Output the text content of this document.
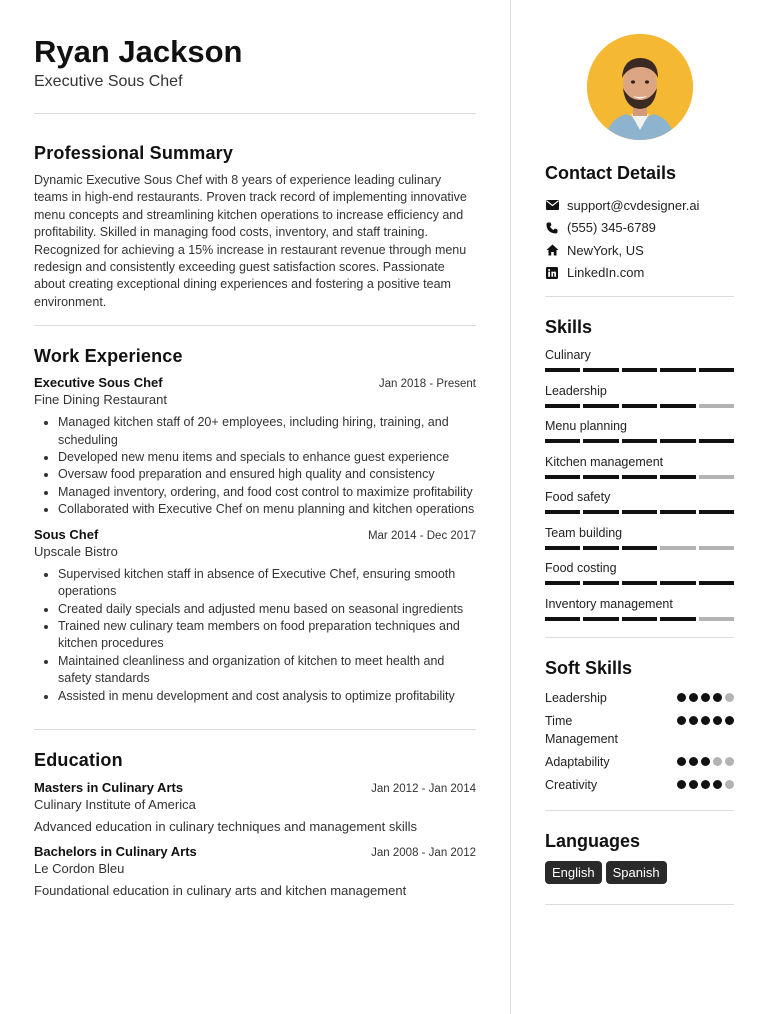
Ryan Jackson
Executive Sous Chef
Professional Summary
Dynamic Executive Sous Chef with 8 years of experience leading culinary teams in high-end restaurants. Proven track record of implementing innovative menu concepts and streamlining kitchen operations to increase efficiency and profitability. Skilled in managing food costs, inventory, and staff training. Recognized for achieving a 15% increase in restaurant revenue through menu redesign and consistently exceeding guest satisfaction scores. Passionate about creating exceptional dining experiences and fostering a positive team environment.
Work Experience
Executive Sous Chef	Jan 2018 - Present
Fine Dining Restaurant
• Managed kitchen staff of 20+ employees, including hiring, training, and scheduling
• Developed new menu items and specials to enhance guest experience
• Oversaw food preparation and ensured high quality and consistency
• Managed inventory, ordering, and food cost control to maximize profitability
• Collaborated with Executive Chef on menu planning and kitchen operations
Sous Chef	Mar 2014 - Dec 2017
Upscale Bistro
• Supervised kitchen staff in absence of Executive Chef, ensuring smooth operations
• Created daily specials and adjusted menu based on seasonal ingredients
• Trained new culinary team members on food preparation techniques and kitchen procedures
• Maintained cleanliness and organization of kitchen to meet health and safety standards
• Assisted in menu development and cost analysis to optimize profitability
Education
Masters in Culinary Arts	Jan 2012 - Jan 2014
Culinary Institute of America
Advanced education in culinary techniques and management skills
Bachelors in Culinary Arts	Jan 2008 - Jan 2012
Le Cordon Bleu
Foundational education in culinary arts and kitchen management
Contact Details
support@cvdesigner.ai
(555) 345-6789
NewYork, US
LinkedIn.com
Skills
Culinary
Leadership
Menu planning
Kitchen management
Food safety
Team building
Food costing
Inventory management
Soft Skills
Leadership
Time Management
Adaptability
Creativity
Languages
English Spanish
